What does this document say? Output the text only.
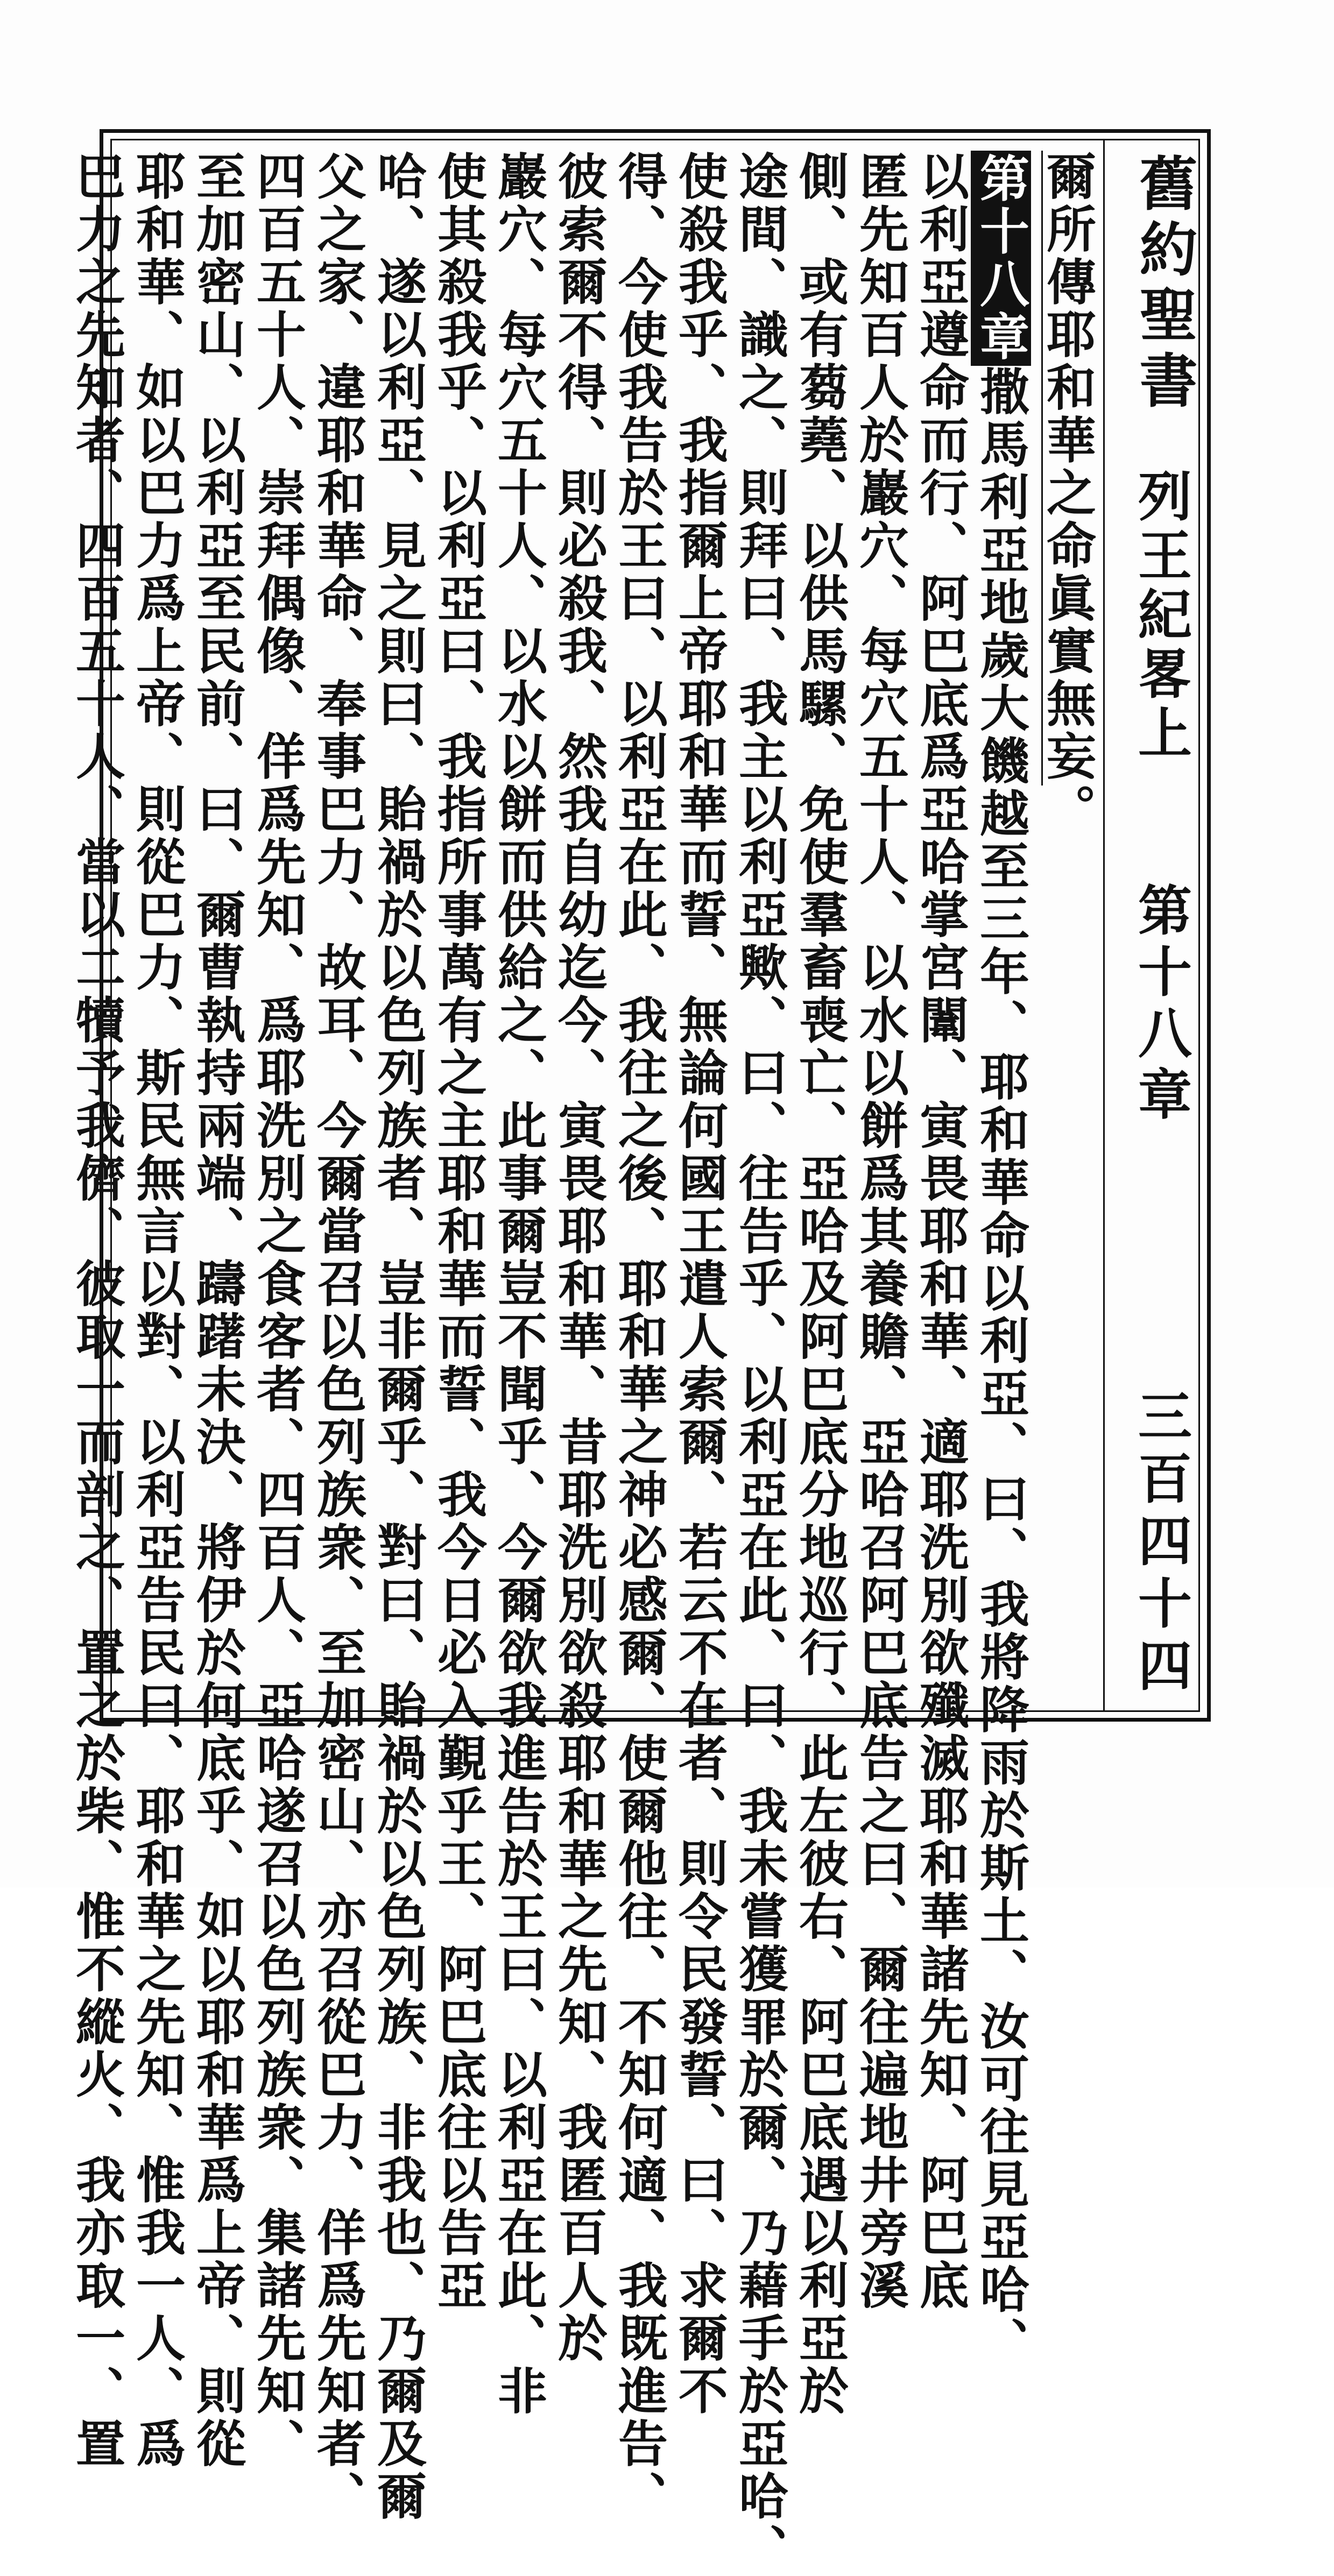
舊約聖書
列王紀畧上
第十八章
三百四十四
爾所傳耶和華之命眞實無妄。
第十八章撒馬利亞地歲大饑越至三年、耶和華命以利亞、曰、我將降雨於斯土、汝可往見亞哈、
以利亞遵命而行、阿巴底爲亞哈掌宮闈、寅畏耶和華、適耶洗別欲殲滅耶和華諸先知、阿巴底
匿先知百人於巖穴、每穴五十人、以水以餅爲其養贍、亞哈召阿巴底告之曰、爾往遍地井旁溪
側、或有蒭蕘、以供馬騾、免使羣畜喪亡、亞哈及阿巴底分地巡行、此左彼右、阿巴底遇以利亞於
途間、識之、則拜曰、我主以利亞歟、曰、往告乎、以利亞在此、曰、我未嘗獲罪於爾、乃藉手於亞哈、
使殺我乎、我指爾上帝耶和華而誓、無論何國王遣人索爾、若云不在者、則令民發誓、曰、求爾不
得、今使我告於王曰、以利亞在此、我往之後、耶和華之神必感爾、使爾他往、不知何適、我既進告、
彼索爾不得、則必殺我、然我自幼迄今、寅畏耶和華、昔耶洗別欲殺耶和華之先知、我匿百人於
巖穴、每穴五十人、以水以餅而供給之、此事爾豈不聞乎、今爾欲我進告於王曰、以利亞在此、非
使其殺我乎、以利亞曰、我指所事萬有之主耶和華而誓、我今日必入覲乎王、阿巴底往以告亞
哈、遂以利亞、見之則曰、貽禍於以色列族者、豈非爾乎、對曰、貽禍於以色列族、非我也、乃爾及爾
父之家、違耶和華命、奉事巴力、故耳、今爾當召以色列族衆、至加密山、亦召從巴力、佯爲先知者、
四百五十人、崇拜偶像、佯爲先知、爲耶洗別之食客者、四百人、亞哈遂召以色列族衆、集諸先知、
至加密山、以利亞至民前、曰、爾曹執持兩端、躊躇未決、將伊於何底乎、如以耶和華爲上帝、則從
耶和華、如以巴力爲上帝、則從巴力、斯民無言以對、以利亞告民曰、耶和華之先知、惟我一人、爲
巴力之先知者、四百五十人、當以二犢予我儕、彼取一而剖之、置之於柴、惟不縱火、我亦取一、置
